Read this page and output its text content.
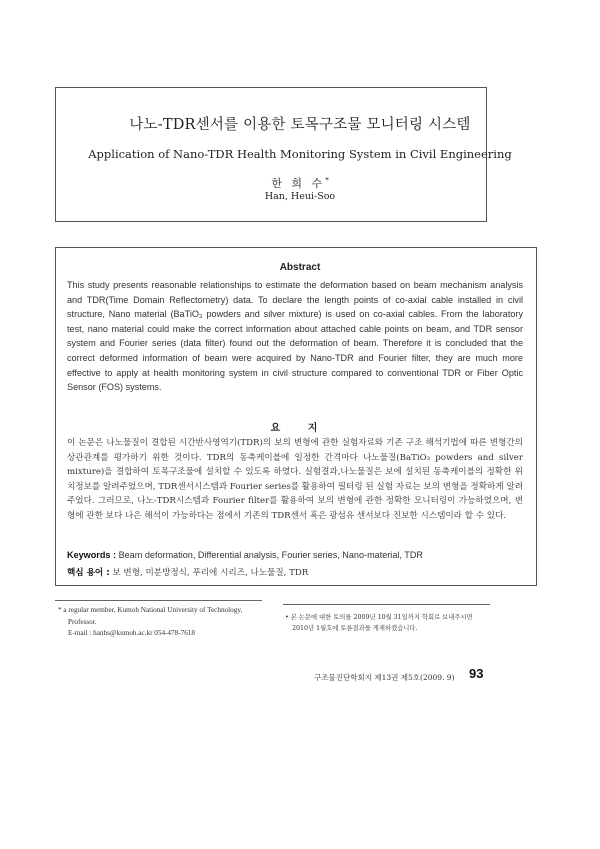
나노-TDR센서를 이용한 토목구조물 모니터링 시스템
Application of Nano-TDR Health Monitoring System in Civil Engineering
한 희 수*
Han, Heui-Soo
Abstract
This study presents reasonable relationships to estimate the deformation based on beam mechanism analysis and TDR(Time Domain Reflectometry) data. To declare the length points of co-axial cable installed in civil structure, Nano material (BaTiO₃ powders and silver mixture) is used on co-axial cables. From the laboratory test, nano material could make the correct information about attached cable points on beam, and TDR sensor system and Fourier series (data filter) found out the deformation of beam. Therefore it is concluded that the correct deformed information of beam were acquired by Nano-TDR and Fourier filter, they are much more effective to apply at health monitoring system in civil structure compared to conventional TDR or Fiber Optic Sensor (FOS) systems.
요 지
이 논문은 나노물질이 결합된 시간반사영역기(TDR)의 보의 변형에 관한 실험자료와 기존 구조 해석기법에 따른 변형간의 상관관계를 평가하기 위한 것이다. TDR의 동축케이블에 일정한 간격마다 나노물질(BaTiO₃ powders and silver mixture)을 결합하여 토목구조물에 설치할 수 있도록 하였다. 실험결과,나노물질은 보에 설치된 동축케이블의 정확한 위치정보를 알려주었으며, TDR센서시스템과 Fourier series를 활용하여 필터링 된 실험 자료는 보의 변형을 정확하게 알려주었다. 그러므로, 나노-TDR시스템과 Fourier filter를 활용하여 보의 변형에 관한 정확한 모니터링이 가능하였으며, 변형에 관한 보다 나은 해석이 가능하다는 점에서 기존의 TDR센서 혹은 광섬유 센서보다 진보한 시스템이라 할 수 있다.
Keywords : Beam deformation, Differential analysis, Fourier series, Nano-material, TDR
핵심 용어 : 보 변형, 미분방정식, 푸리에 시리즈, 나노물질, TDR
* a regular member, Kumoh National University of Technology,
Professor.
E-mail : hanhs@kumoh.ac.kr 054-478-7618
• 본 논문에 대한 토의를 2009년 10월 31일까지 학회로 보내주시면
2010년 1월호에 토론결과를 게재하겠습니다.
구조물진단학회지 제13권 제5호(2009. 9) 93
